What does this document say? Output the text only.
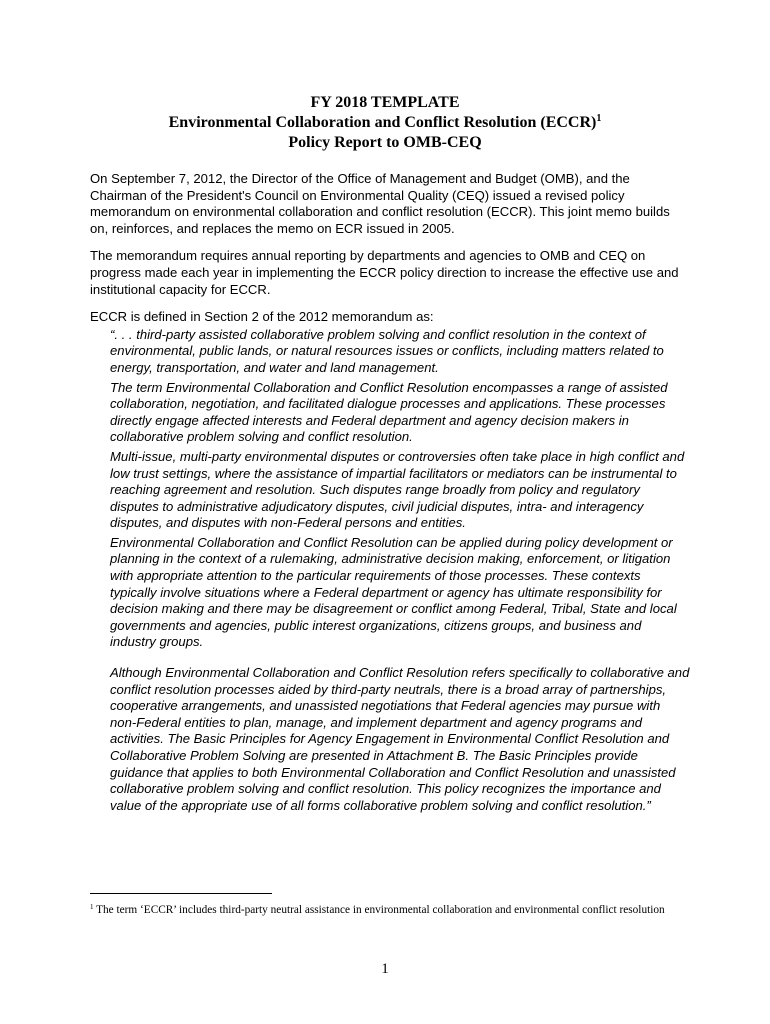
FY 2018 TEMPLATE
Environmental Collaboration and Conflict Resolution (ECCR)$^1$
Policy Report to OMB-CEQ

On September 7, 2012, the Director of the Office of Management and Budget (OMB), and the Chairman of the President's Council on Environmental Quality (CEQ) issued a revised policy memorandum on environmental collaboration and conflict resolution (ECCR). This joint memo builds on, reinforces, and replaces the memo on ECR issued in 2005.

The memorandum requires annual reporting by departments and agencies to OMB and CEQ on progress made each year in implementing the ECCR policy direction to increase the effective use and institutional capacity for ECCR.

ECCR is defined in Section 2 of the 2012 memorandum as:

“. . . third-party assisted collaborative problem solving and conflict resolution in the context of environmental, public lands, or natural resources issues or conflicts, including matters related to energy, transportation, and water and land management.

The term Environmental Collaboration and Conflict Resolution encompasses a range of assisted collaboration, negotiation, and facilitated dialogue processes and applications. These processes directly engage affected interests and Federal department and agency decision makers in collaborative problem solving and conflict resolution.

Multi-issue, multi-party environmental disputes or controversies often take place in high conflict and low trust settings, where the assistance of impartial facilitators or mediators can be instrumental to reaching agreement and resolution. Such disputes range broadly from policy and regulatory disputes to administrative adjudicatory disputes, civil judicial disputes, intra- and interagency disputes, and disputes with non-Federal persons and entities.

Environmental Collaboration and Conflict Resolution can be applied during policy development or planning in the context of a rulemaking, administrative decision making, enforcement, or litigation with appropriate attention to the particular requirements of those processes. These contexts typically involve situations where a Federal department or agency has ultimate responsibility for decision making and there may be disagreement or conflict among Federal, Tribal, State and local governments and agencies, public interest organizations, citizens groups, and business and industry groups.

Although Environmental Collaboration and Conflict Resolution refers specifically to collaborative and conflict resolution processes aided by third-party neutrals, there is a broad array of partnerships, cooperative arrangements, and unassisted negotiations that Federal agencies may pursue with non-Federal entities to plan, manage, and implement department and agency programs and activities. The Basic Principles for Agency Engagement in Environmental Conflict Resolution and Collaborative Problem Solving are presented in Attachment B. The Basic Principles provide guidance that applies to both Environmental Collaboration and Conflict Resolution and unassisted collaborative problem solving and conflict resolution. This policy recognizes the importance and value of the appropriate use of all forms collaborative problem solving and conflict resolution.”

$^1$ The term ‘ECCR’ includes third-party neutral assistance in environmental collaboration and environmental conflict resolution
1
